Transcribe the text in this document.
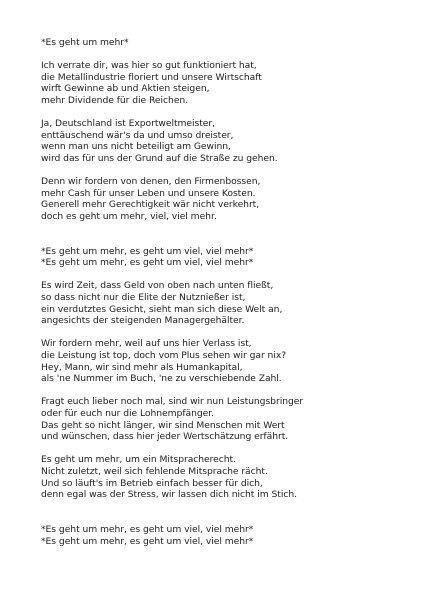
*Es geht um mehr*
Ich verrate dir, was hier so gut funktioniert hat,
die Metallindustrie floriert und unsere Wirtschaft
wirft Gewinne ab und Aktien steigen,
mehr Dividende für die Reichen.
Ja, Deutschland ist Exportweltmeister,
enttäuschend wär's da und umso dreister,
wenn man uns nicht beteiligt am Gewinn,
wird das für uns der Grund auf die Straße zu gehen.
Denn wir fordern von denen, den Firmenbossen,
mehr Cash für unser Leben und unsere Kosten.
Generell mehr Gerechtigkeit wär nicht verkehrt,
doch es geht um mehr, viel, viel mehr.
*Es geht um mehr, es geht um viel, viel mehr*
*Es geht um mehr, es geht um viel, viel mehr*
Es wird Zeit, dass Geld von oben nach unten fließt,
so dass nicht nur die Elite der Nutznießer ist,
ein verdutztes Gesicht, sieht man sich diese Welt an,
angesichts der steigenden Managergehälter.
Wir fordern mehr, weil auf uns hier Verlass ist,
die Leistung ist top, doch vom Plus sehen wir gar nix?
Hey, Mann, wir sind mehr als Humankapital,
als 'ne Nummer im Buch, 'ne zu verschiebende Zahl.
Fragt euch lieber noch mal, sind wir nun Leistungsbringer
oder für euch nur die Lohnempfänger.
Das geht so nicht länger, wir sind Menschen mit Wert
und wünschen, dass hier jeder Wertschätzung erfährt.
Es geht um mehr, um ein Mitspracherecht.
Nicht zuletzt, weil sich fehlende Mitsprache rächt.
Und so läuft's im Betrieb einfach besser für dich,
denn egal was der Stress, wir lassen dich nicht im Stich.
*Es geht um mehr, es geht um viel, viel mehr*
*Es geht um mehr, es geht um viel, viel mehr*
